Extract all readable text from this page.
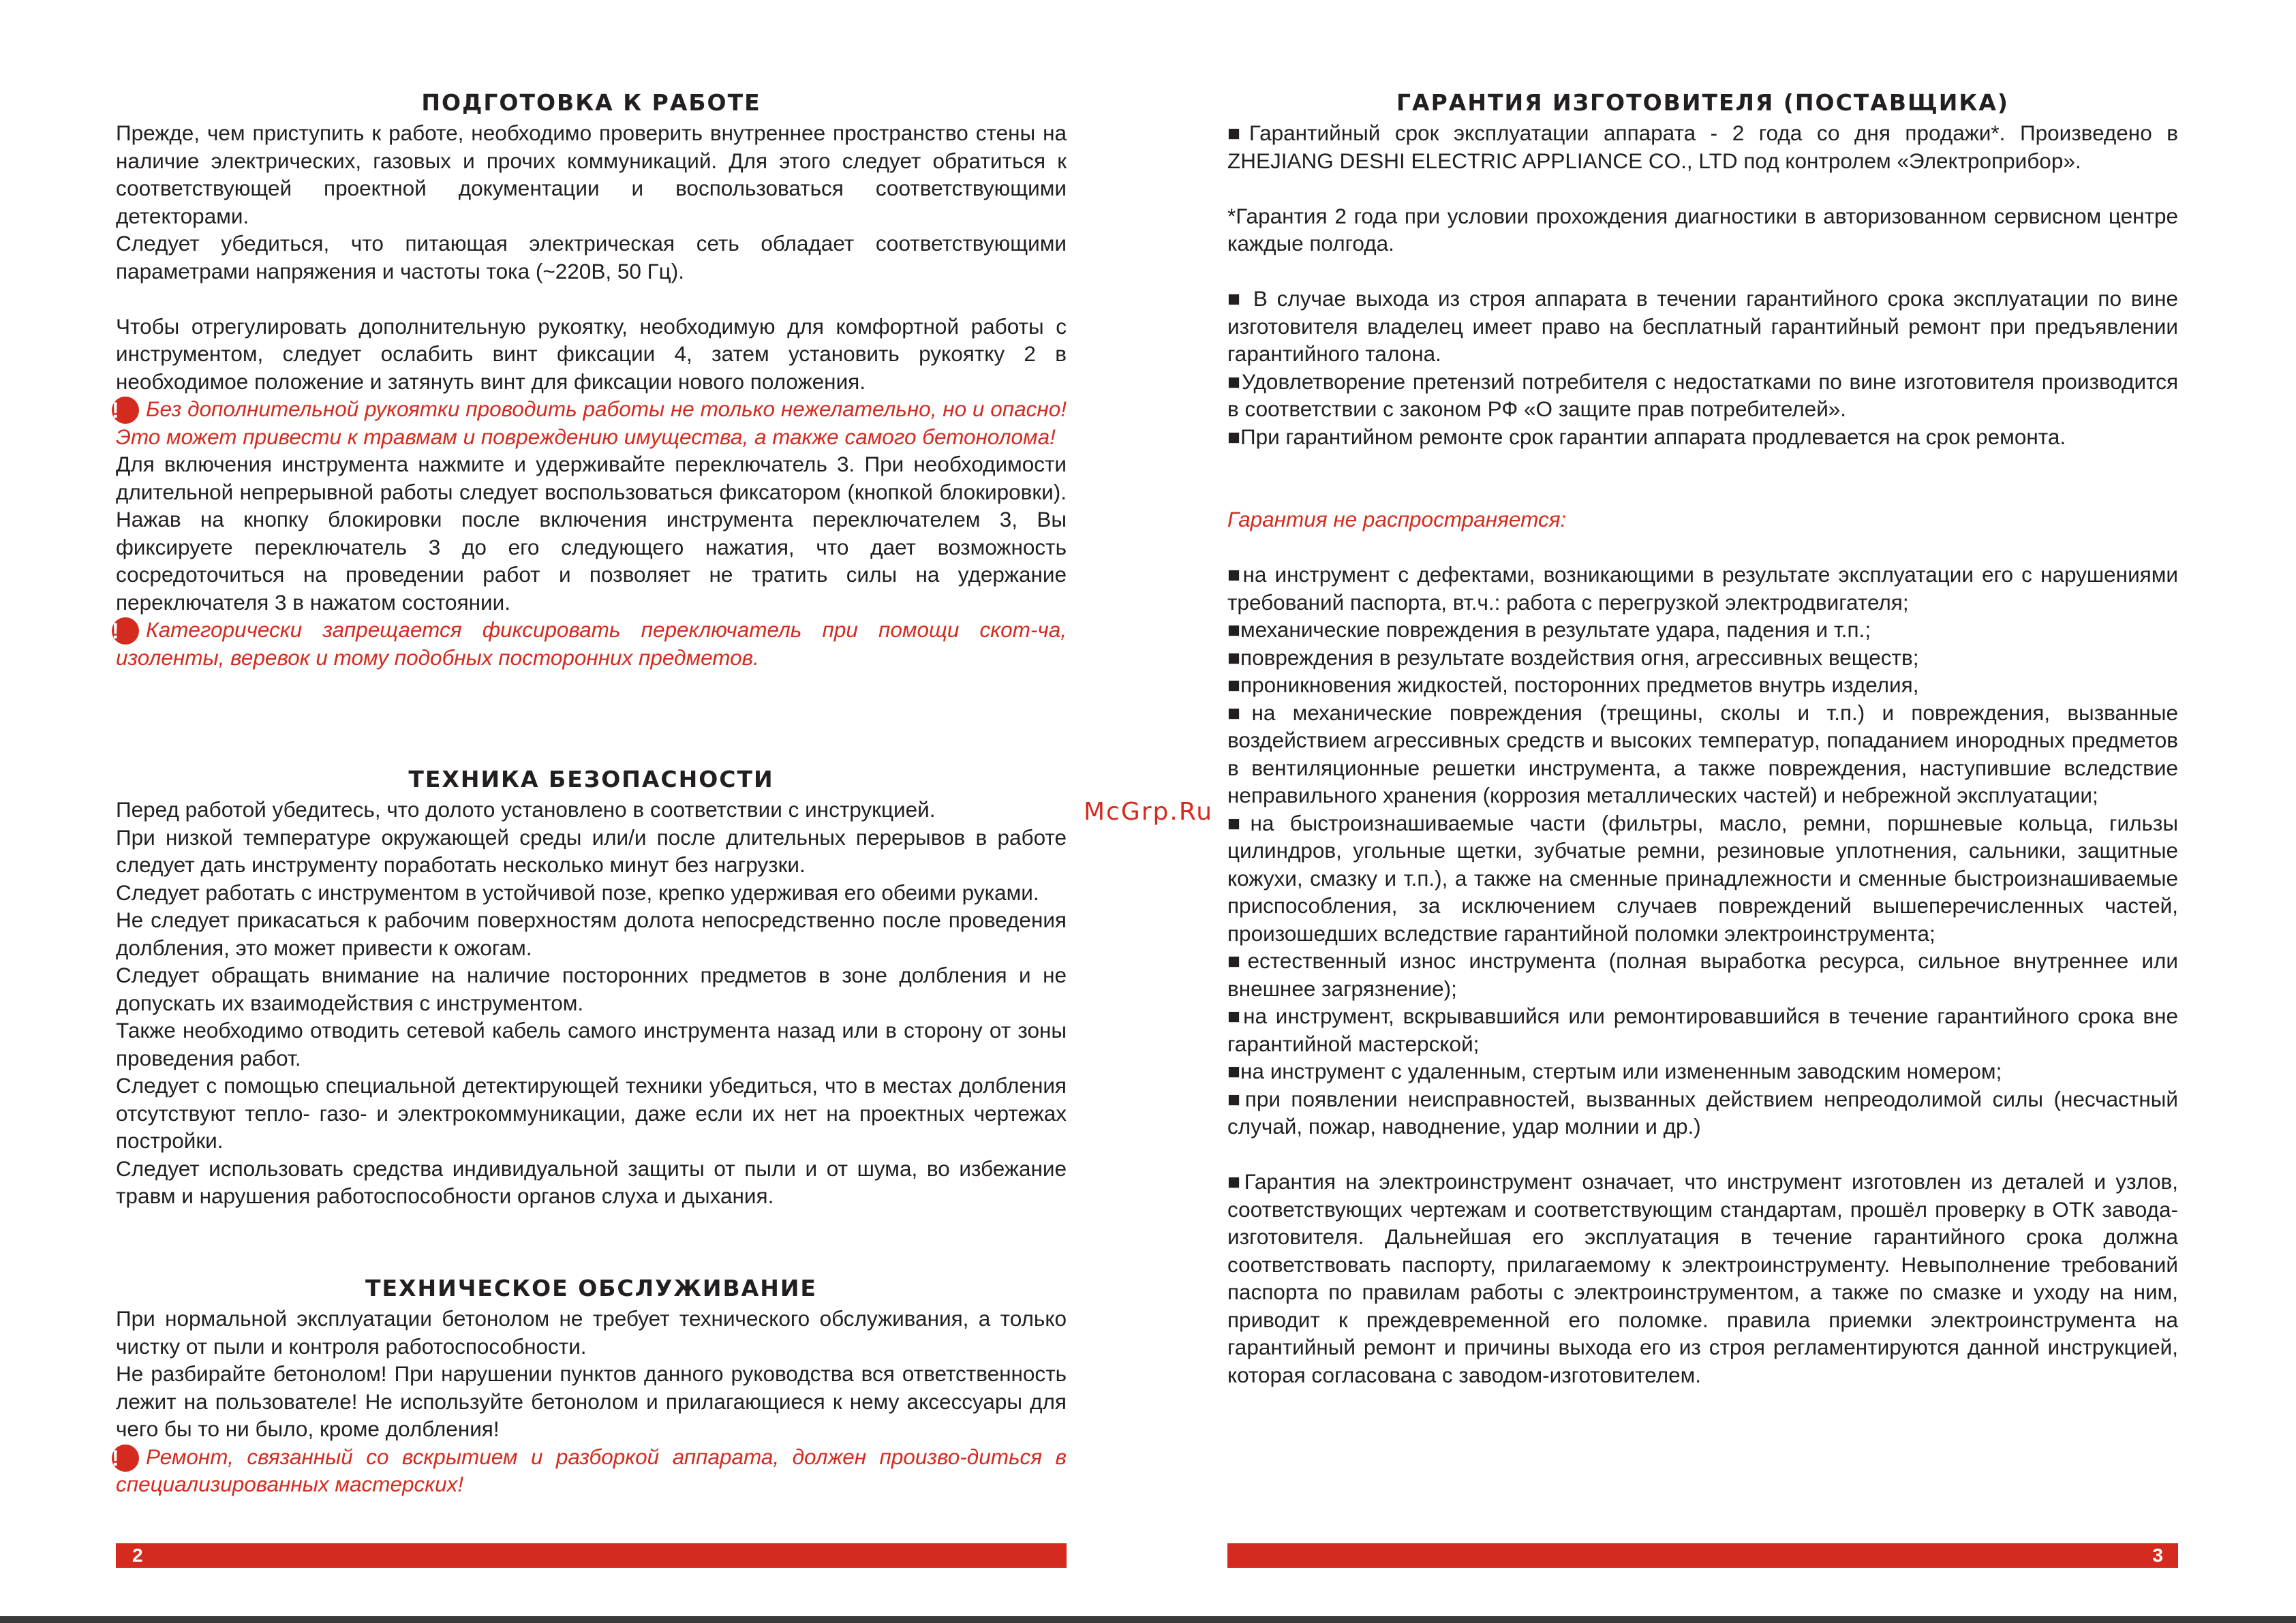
ПОДГОТОВКА К РАБОТЕ
Прежде, чем приступить к работе, необходимо проверить внутреннее пространство стены на наличие электрических, газовых и прочих коммуникаций. Для этого следует обратиться к соответствующей проектной документации и воспользоваться соответствующими детекторами.
Следует убедиться, что питающая электрическая сеть обладает соответствующими параметрами напряжения и частоты тока (~220В, 50 Гц).
Чтобы отрегулировать дополнительную рукоятку, необходимую для комфортной работы с инструментом, следует ослабить винт фиксации 4, затем установить рукоятку 2 в необходимое положение и затянуть винт для фиксации нового положения.
!	Без дополнительной рукоятки проводить работы не только нежелательно, но и опасно! Это может привести к травмам и повреждению имущества, а также самого бетонолома!
Для включения инструмента нажмите и удерживайте переключатель 3. При необходимости длительной непрерывной работы следует воспользоваться фиксатором (кнопкой блокировки). Нажав на кнопку блокировки после включения инструмента переключателем 3, Вы фиксируете переключатель 3 до его следующего нажатия, что дает возможность сосредоточиться на проведении работ и позволяет не тратить силы на удержание переключателя 3 в нажатом состоянии.
!	Категорически запрещается фиксировать переключатель при помощи скот-ча, изоленты, веревок и тому подобных посторонних предметов.
ТЕХНИКА БЕЗОПАСНОСТИ
Перед работой убедитесь, что долото установлено в соответствии с инструкцией.
При низкой температуре окружающей среды или/и после длительных перерывов в работе следует дать инструменту поработать несколько минут без нагрузки.
Следует работать с инструментом в устойчивой позе, крепко удерживая его обеими руками.
Не следует прикасаться к рабочим поверхностям долота непосредственно после проведения долбления, это может привести к ожогам.
Следует обращать внимание на наличие посторонних предметов в зоне долбления и не допускать их взаимодействия с инструментом.
Также необходимо отводить сетевой кабель самого инструмента назад или в сторону от зоны проведения работ.
Следует с помощью специальной детектирующей техники убедиться, что в местах долбления отсутствуют тепло- газо- и электрокоммуникации, даже если их нет на проектных чертежах постройки.
Следует использовать средства индивидуальной защиты от пыли и от шума, во избежание травм и нарушения работоспособности органов слуха и дыхания.
ТЕХНИЧЕСКОЕ ОБСЛУЖИВАНИЕ
При нормальной эксплуатации бетонолом не требует технического обслуживания, а только чистку от пыли и контроля работоспособности.
Не разбирайте бетонолом! При нарушении пунктов данного руководства вся ответственность лежит на пользователе! Не используйте бетонолом и прилагающиеся к нему аксессуары для чего бы то ни было, кроме долбления!
!	Ремонт, связанный со вскрытием и разборкой аппарата, должен произво-диться в специализированных мастерских!
ГАРАНТИЯ ИЗГОТОВИТЕЛЯ (ПОСТАВЩИКА)
■Гарантийный срок эксплуатации аппарата - 2 года со дня продажи*. Произведено в ZHEJIANG DESHI ELECTRIC APPLIANCE CO., LTD под контролем «Электроприбор».
*Гарантия 2 года при условии прохождения диагностики в авторизованном сервисном центре каждые полгода.
■ В случае выхода из строя аппарата в течении гарантийного срока эксплуатации по вине изготовителя владелец имеет право на бесплатный гарантийный ремонт при предъявлении гарантийного талона.
■Удовлетворение претензий потребителя с недостатками по вине изготовителя производится в соответствии с законом РФ «О защите прав потребителей».
■При гарантийном ремонте срок гарантии аппарата продлевается на срок ремонта.
Гарантия не распространяется:
■на инструмент с дефектами, возникающими в результате эксплуатации его с нарушениями требований паспорта, вт.ч.: работа с перегрузкой электродвигателя;
■механические повреждения в результате удара, падения и т.п.;
■повреждения в результате воздействия огня, агрессивных веществ;
■проникновения жидкостей, посторонних предметов внутрь изделия,
■на механические повреждения (трещины, сколы и т.п.) и повреждения, вызванные воздействием агрессивных средств и высоких температур, попаданием инородных предметов в вентиляционные решетки инструмента, а также повреждения, наступившие вследствие неправильного хранения (коррозия металлических частей) и небрежной эксплуатации;
■на быстроизнашиваемые части (фильтры, масло, ремни, поршневые кольца, гильзы цилиндров, угольные щетки, зубчатые ремни, резиновые уплотнения, сальники, защитные кожухи, смазку и т.п.), а также на сменные принадлежности и сменные быстроизнашиваемые приспособления, за исключением случаев повреждений вышеперечисленных частей, произошедших вследствие гарантийной поломки электроинструмента;
■естественный износ инструмента (полная выработка ресурса, сильное внутреннее или внешнее загрязнение);
■на инструмент, вскрывавшийся или ремонтировавшийся в течение гарантийного срока вне гарантийной мастерской;
■на инструмент с удаленным, стертым или измененным заводским номером;
■при появлении неисправностей, вызванных действием непреодолимой силы (несчастный случай, пожар, наводнение, удар молнии и др.)
■Гарантия на электроинструмент означает, что инструмент изготовлен из деталей и узлов, соответствующих чертежам и соответствующим стандартам, прошёл проверку в ОТК завода-изготовителя. Дальнейшая его эксплуатация в течение гарантийного срока должна соответствовать паспорту, прилагаемому к электроинструменту. Невыполнение требований паспорта по правилам работы с электроинструментом, а также по смазке и уходу на ним, приводит к преждевременной его поломке. правила приемки электроинструмента на гарантийный ремонт и причины выхода его из строя регламентируются данной инструкцией, которая согласована с заводом-изготовителем.
McGrp.Ru
2	3
